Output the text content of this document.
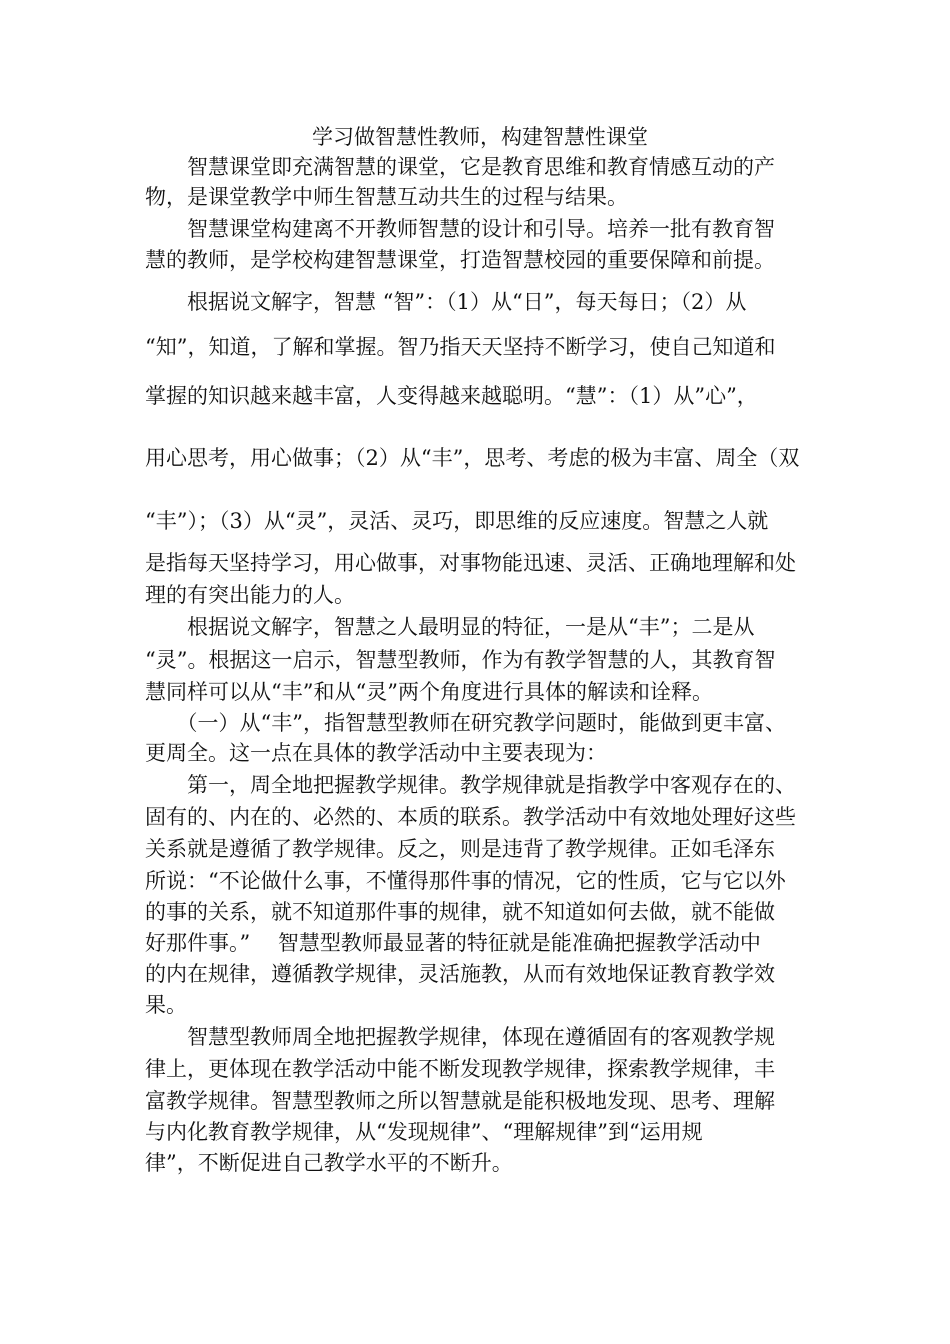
学习做智慧性教师，构建智慧性课堂
　　智慧课堂即充满智慧的课堂，它是教育思维和教育情感互动的产
物，是课堂教学中师生智慧互动共生的过程与结果。
　　智慧课堂构建离不开教师智慧的设计和引导。培养一批有教育智
慧的教师，是学校构建智慧课堂，打造智慧校园的重要保障和前提。
　　根据说文解字，智慧 “智”：（1）从“日”，每天每日；（2）从
“知”，知道，了解和掌握。智乃指天天坚持不断学习，使自己知道和
掌握的知识越来越丰富，人变得越来越聪明。“慧”：（1）从”心”，
用心思考，用心做事；（2）从“丰”，思考、考虑的极为丰富、周全（双
“丰”）；（3）从“灵”，灵活、灵巧，即思维的反应速度。智慧之人就
是指每天坚持学习，用心做事，对事物能迅速、灵活、正确地理解和处
理的有突出能力的人。
　　根据说文解字，智慧之人最明显的特征，一是从“丰”；二是从
“灵”。根据这一启示，智慧型教师，作为有教学智慧的人，其教育智
慧同样可以从“丰”和从“灵”两个角度进行具体的解读和诠释。
　　（一）从“丰”，指智慧型教师在研究教学问题时，能做到更丰富、
更周全。这一点在具体的教学活动中主要表现为：
　　第一，周全地把握教学规律。教学规律就是指教学中客观存在的、
固有的、内在的、必然的、本质的联系。教学活动中有效地处理好这些
关系就是遵循了教学规律。反之，则是违背了教学规律。正如毛泽东
所说：“不论做什么事，不懂得那件事的情况，它的性质，它与它以外
的事的关系，就不知道那件事的规律，就不知道如何去做，就不能做
好那件事。”　 智慧型教师最显著的特征就是能准确把握教学活动中
的内在规律，遵循教学规律，灵活施教，从而有效地保证教育教学效
果。
　　智慧型教师周全地把握教学规律，体现在遵循固有的客观教学规
律上，更体现在教学活动中能不断发现教学规律，探索教学规律，丰
富教学规律。智慧型教师之所以智慧就是能积极地发现、思考、理解
与内化教育教学规律，从“发现规律”、“理解规律”到“运用规
律”，不断促进自己教学水平的不断升。
